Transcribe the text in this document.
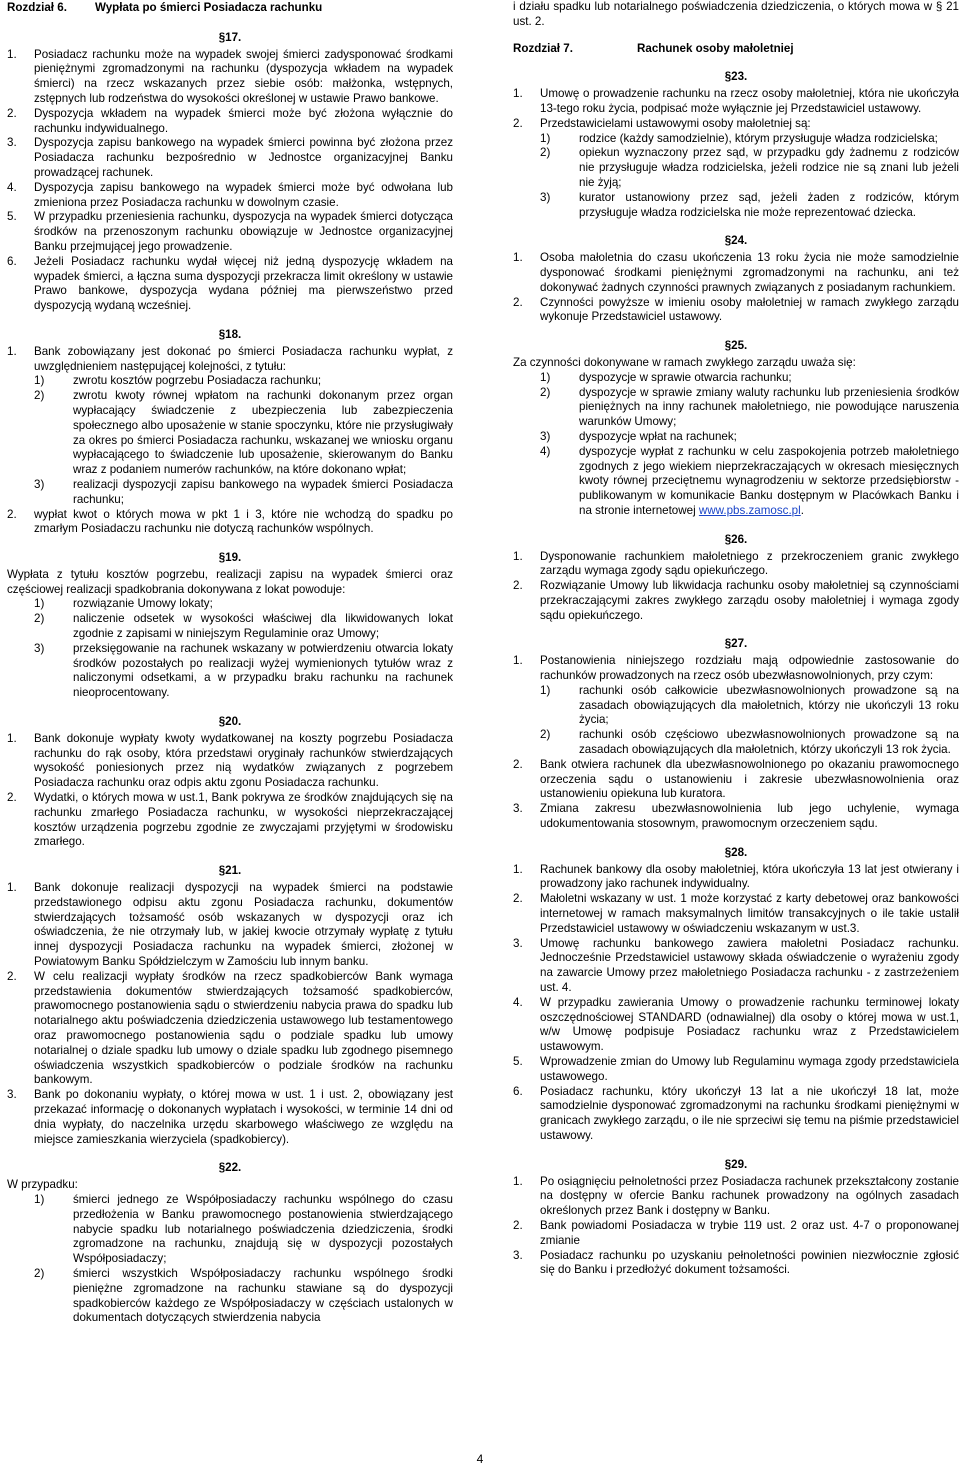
Rozdział 6.	Wypłata po śmierci Posiadacza rachunku
§17.
1.	Posiadacz rachunku może na wypadek swojej śmierci zadysponować środkami pieniężnymi zgromadzonymi na rachunku (dyspozycja wkładem na wypadek śmierci) na rzecz wskazanych przez siebie osób: małżonka, wstępnych, zstępnych lub rodzeństwa do wysokości określonej w ustawie Prawo bankowe.
2.	Dyspozycja wkładem na wypadek śmierci może być złożona wyłącznie do rachunku indywidualnego.
3.	Dyspozycja zapisu bankowego na wypadek śmierci powinna być złożona przez Posiadacza rachunku bezpośrednio w Jednostce organizacyjnej Banku prowadzącej rachunek.
4.	Dyspozycja zapisu bankowego na wypadek śmierci może być odwołana lub zmieniona przez Posiadacza rachunku w dowolnym czasie.
5.	W przypadku przeniesienia rachunku, dyspozycja na wypadek śmierci dotycząca środków na przenoszonym rachunku obowiązuje w Jednostce organizacyjnej Banku przejmującej jego prowadzenie.
6.	Jeżeli Posiadacz rachunku wydał więcej niż jedną dyspozycję wkładem na wypadek śmierci, a łączna suma dyspozycji przekracza limit określony w ustawie Prawo bankowe, dyspozycja wydana później ma pierwszeństwo przed dyspozycją wydaną wcześniej.
§18.
1.	Bank zobowiązany jest dokonać po śmierci Posiadacza rachunku wypłat, z uwzględnieniem następującej kolejności, z tytułu:
1)	zwrotu kosztów pogrzebu Posiadacza rachunku;
2)	zwrotu kwoty równej wpłatom na rachunki dokonanym przez organ wypłacający świadczenie z ubezpieczenia lub zabezpieczenia społecznego albo uposażenie w stanie spoczynku, które nie przysługiwały za okres po śmierci Posiadacza rachunku, wskazanej we wniosku organu wypłacającego to świadczenie lub uposażenie, skierowanym do Banku wraz z podaniem numerów rachunków, na które dokonano wpłat;
3)	realizacji dyspozycji zapisu bankowego na wypadek śmierci Posiadacza rachunku;
2.	wypłat kwot o których mowa w pkt 1 i 3, które nie wchodzą do spadku po zmarłym Posiadaczu rachunku nie dotyczą rachunków wspólnych.
§19.

Wypłata z tytułu kosztów pogrzebu, realizacji zapisu na wypadek śmierci oraz częściowej realizacji spadkobrania dokonywana z lokat powoduje:

1)	rozwiązanie Umowy lokaty;
2)	naliczenie odsetek w wysokości właściwej dla likwidowanych lokat zgodnie z zapisami w niniejszym Regulaminie oraz Umowy;
3)	przeksięgowanie na rachunek wskazany w potwierdzeniu otwarcia lokaty środków pozostałych po realizacji wyżej wymienionych tytułów wraz z naliczonymi odsetkami, a w przypadku braku rachunku na rachunek nieoprocentowany.
§20.
1.	Bank dokonuje wypłaty kwoty wydatkowanej na koszty pogrzebu Posiadacza rachunku do rąk osoby, która przedstawi oryginały rachunków stwierdzających wysokość poniesionych przez nią wydatków związanych z pogrzebem Posiadacza rachunku oraz odpis aktu zgonu Posiadacza rachunku.
2.	Wydatki, o których mowa w ust.1, Bank pokrywa ze środków znajdujących się na rachunku zmarłego Posiadacza rachunku, w wysokości nieprzekraczającej kosztów urządzenia pogrzebu zgodnie ze zwyczajami przyjętymi w środowisku zmarłego.
§21.
1.	Bank dokonuje realizacji dyspozycji na wypadek śmierci na podstawie przedstawionego odpisu aktu zgonu Posiadacza rachunku, dokumentów stwierdzających tożsamość osób wskazanych w dyspozycji oraz ich oświadczenia, że nie otrzymały lub, w jakiej kwocie otrzymały wypłatę z tytułu innej dyspozycji Posiadacza rachunku na wypadek śmierci, złożonej w Powiatowym Banku Spółdzielczym w Zamościu lub innym banku.
2.	W celu realizacji wypłaty środków na rzecz spadkobierców Bank wymaga przedstawienia dokumentów stwierdzających tożsamość spadkobierców, prawomocnego postanowienia sądu o stwierdzeniu nabycia prawa do spadku lub notarialnego aktu poświadczenia dziedziczenia ustawowego lub testamentowego oraz prawomocnego postanowienia sądu o podziale spadku lub umowy notarialnej o dziale spadku lub umowy o dziale spadku lub zgodnego pisemnego oświadczenia wszystkich spadkobierców o podziale środków na rachunku bankowym.
3.	Bank po dokonaniu wypłaty, o której mowa w ust. 1 i ust. 2, obowiązany jest przekazać informację o dokonanych wypłatach i wysokości, w terminie 14 dni od dnia wypłaty, do naczelnika urzędu skarbowego właściwego ze względu na miejsce zamieszkania wierzyciela (spadkobiercy).
§22.

W przypadku:

1)	śmierci jednego ze Współposiadaczy rachunku wspólnego do czasu przedłożenia w Banku prawomocnego postanowienia stwierdzającego nabycie spadku lub notarialnego poświadczenia dziedziczenia, środki zgromadzone na rachunku, znajdują się w dyspozycji pozostałych Współposiadaczy;
2)	śmierci wszystkich Współposiadaczy rachunku wspólnego środki pieniężne zgromadzone na rachunku stawiane są do dyspozycji spadkobierców każdego ze Współposiadaczy w częściach ustalonych w dokumentach dotyczących stwierdzenia nabycia

i działu spadku lub notarialnego poświadczenia dziedziczenia, o których mowa w § 21 ust. 2.

Rozdział 7.	Rachunek osoby małoletniej
§23.
1.	Umowę o prowadzenie rachunku na rzecz osoby małoletniej, która nie ukończyła 13-tego roku życia, podpisać może wyłącznie jej Przedstawiciel ustawowy.
2.	Przedstawicielami ustawowymi osoby małoletniej są:
1)	rodzice (każdy samodzielnie), którym przysługuje władza rodzicielska;
2)	opiekun wyznaczony przez sąd, w przypadku gdy żadnemu z rodziców nie przysługuje władza rodzicielska, jeżeli rodzice nie są znani lub jeżeli nie żyją;
3)	kurator ustanowiony przez sąd, jeżeli żaden z rodziców, którym przysługuje władza rodzicielska nie może reprezentować dziecka.
§24.
1.	Osoba małoletnia do czasu ukończenia 13 roku życia nie może samodzielnie dysponować środkami pieniężnymi zgromadzonymi na rachunku, ani też dokonywać żadnych czynności prawnych związanych z posiadanym rachunkiem.
2.	Czynności powyższe w imieniu osoby małoletniej w ramach zwykłego zarządu wykonuje Przedstawiciel ustawowy.
§25.

Za czynności dokonywane w ramach zwykłego zarządu uważa się:

1)	dyspozycje w sprawie otwarcia rachunku;
2)	dyspozycje w sprawie zmiany waluty rachunku lub przeniesienia środków pieniężnych na inny rachunek małoletniego, nie powodujące naruszenia warunków Umowy;
3)	dyspozycje wpłat na rachunek;
4)	dyspozycje wypłat z rachunku w celu zaspokojenia potrzeb małoletniego zgodnych z jego wiekiem nieprzekraczających w okresach miesięcznych kwoty równej przeciętnemu wynagrodzeniu w sektorze przedsiębiorstw - publikowanym w komunikacie Banku dostępnym w Placówkach Banku i na stronie internetowej www.pbs.zamosc.pl.
§26.
1.	Dysponowanie rachunkiem małoletniego z przekroczeniem granic zwykłego zarządu wymaga zgody sądu opiekuńczego.
2.	Rozwiązanie Umowy lub likwidacja rachunku osoby małoletniej są czynnościami przekraczającymi zakres zwykłego zarządu osoby małoletniej i wymaga zgody sądu opiekuńczego.
§27.
1.	Postanowienia niniejszego rozdziału mają odpowiednie zastosowanie do rachunków prowadzonych na rzecz osób ubezwłasnowolnionych, przy czym:
1)	rachunki osób całkowicie ubezwłasnowolnionych prowadzone są na zasadach obowiązujących dla małoletnich, którzy nie ukończyli 13 roku życia;
2)	rachunki osób częściowo ubezwłasnowolnionych prowadzone są na zasadach obowiązujących dla małoletnich, którzy ukończyli 13 rok życia.
2.	Bank otwiera rachunek dla ubezwłasnowolnionego po okazaniu prawomocnego orzeczenia sądu o ustanowieniu i zakresie ubezwłasnowolnienia oraz ustanowieniu opiekuna lub kuratora.
3.	Zmiana zakresu ubezwłasnowolnienia lub jego uchylenie, wymaga udokumentowania stosownym, prawomocnym orzeczeniem sądu.
§28.
1.	Rachunek bankowy dla osoby małoletniej, która ukończyła 13 lat jest otwierany i prowadzony jako rachunek indywidualny.
2.	Małoletni wskazany w ust. 1 może korzystać z karty debetowej oraz bankowości internetowej w ramach maksymalnych limitów transakcyjnych o ile takie ustalił Przedstawiciel ustawowy w oświadczeniu wskazanym w ust.3.
3.	Umowę rachunku bankowego zawiera małoletni Posiadacz rachunku. Jednocześnie Przedstawiciel ustawowy składa oświadczenie o wyrażeniu zgody na zawarcie Umowy przez małoletniego Posiadacza rachunku - z zastrzeżeniem ust. 4.
4.	W przypadku zawierania Umowy o prowadzenie rachunku terminowej lokaty oszczędnościowej STANDARD (odnawialnej) dla osoby o której mowa w ust.1, w/w Umowę podpisuje Posiadacz rachunku wraz z Przedstawicielem ustawowym.
5.	Wprowadzenie zmian do Umowy lub Regulaminu wymaga zgody przedstawiciela ustawowego.
6.	Posiadacz rachunku, który ukończył 13 lat a nie ukończył 18 lat, może samodzielnie dysponować zgromadzonymi na rachunku środkami pieniężnymi w granicach zwykłego zarządu, o ile nie sprzeciwi się temu na piśmie przedstawiciel ustawowy.
§29.
1.	Po osiągnięciu pełnoletności przez Posiadacza rachunek przekształcony zostanie na dostępny w ofercie Banku rachunek prowadzony na ogólnych zasadach określonych przez Bank i dostępny w Banku.
2.	Bank powiadomi Posiadacza w trybie 119 ust. 2 oraz ust. 4-7 o proponowanej zmianie
3.	Posiadacz rachunku po uzyskaniu pełnoletności powinien niezwłocznie zgłosić się do Banku i przedłożyć dokument tożsamości.
4
